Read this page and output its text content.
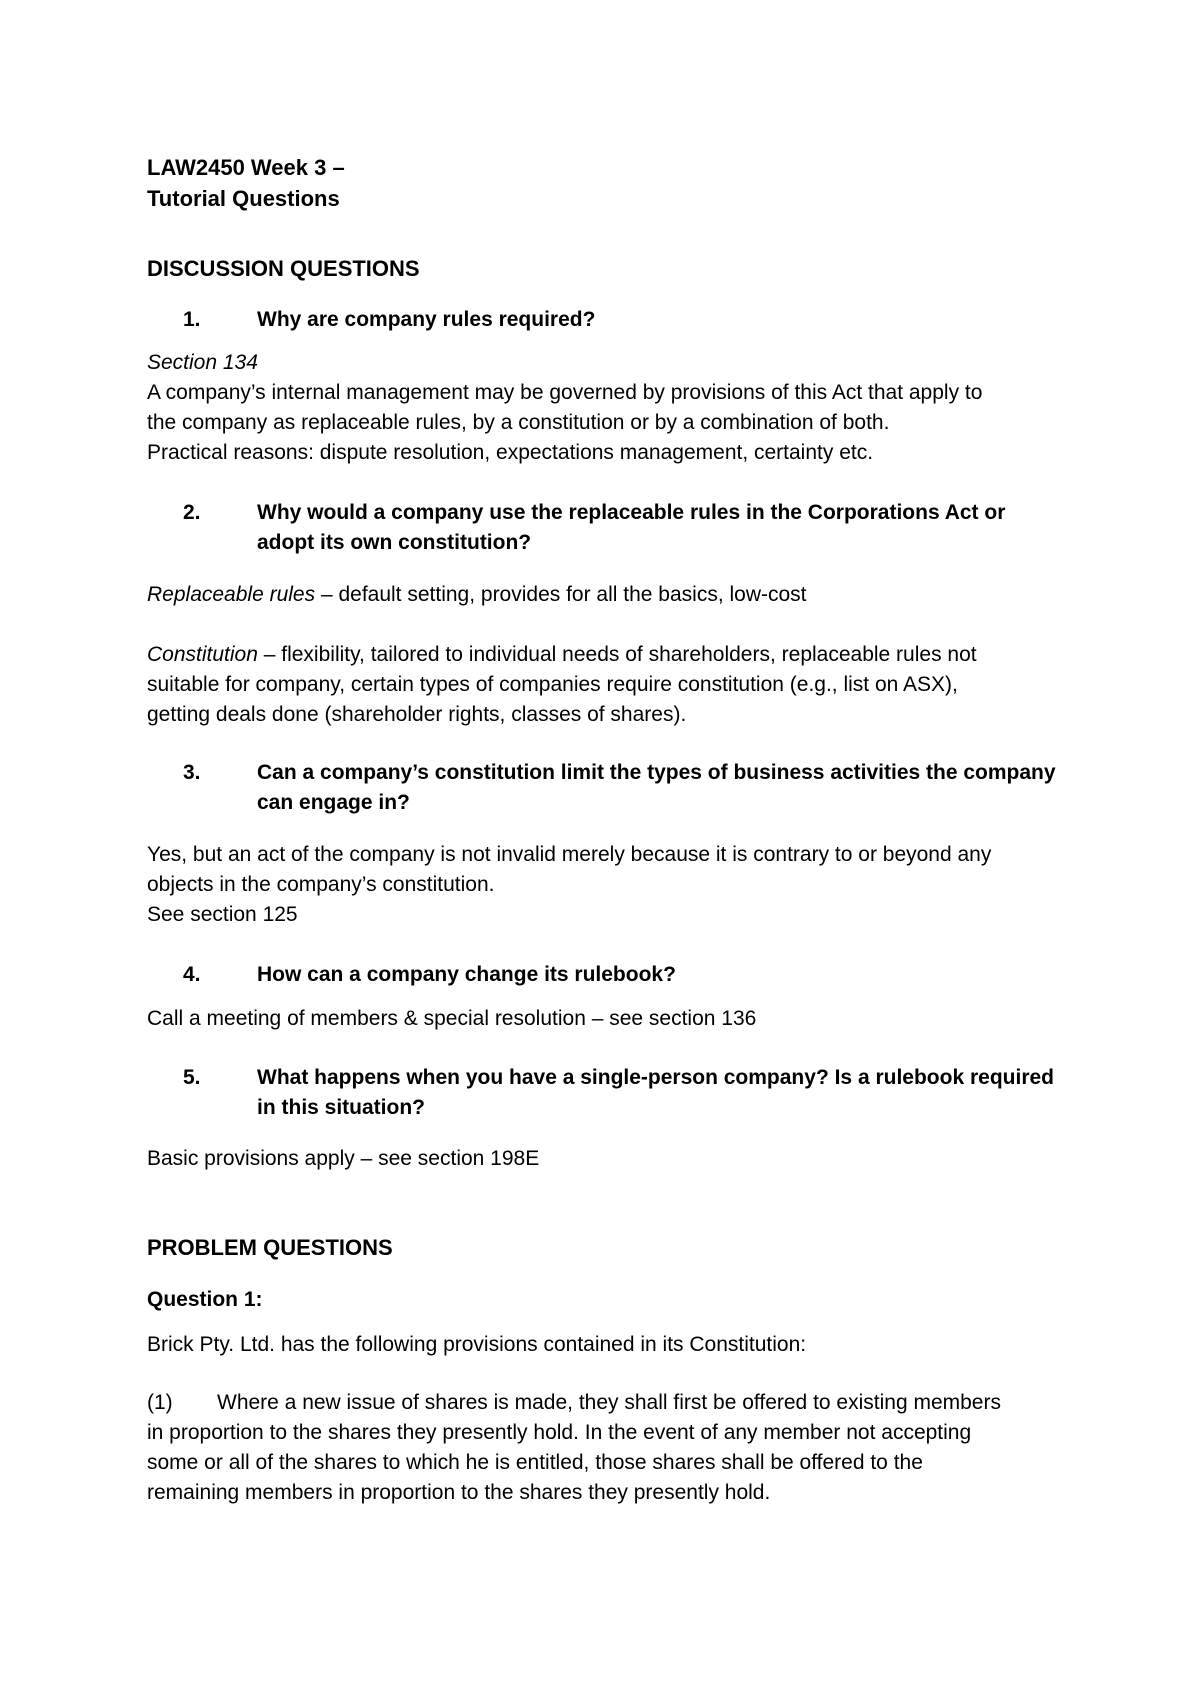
LAW2450 Week 3 –
Tutorial Questions
DISCUSSION QUESTIONS
1.	Why are company rules required?
Section 134
A company’s internal management may be governed by provisions of this Act that apply to
the company as replaceable rules, by a constitution or by a combination of both.
Practical reasons: dispute resolution, expectations management, certainty etc.
2.	Why would a company use the replaceable rules in the Corporations Act or
adopt its own constitution?
Replaceable rules – default setting, provides for all the basics, low-cost
Constitution – flexibility, tailored to individual needs of shareholders, replaceable rules not
suitable for company, certain types of companies require constitution (e.g., list on ASX),
getting deals done (shareholder rights, classes of shares).
3.	Can a company’s constitution limit the types of business activities the company
can engage in?
Yes, but an act of the company is not invalid merely because it is contrary to or beyond any
objects in the company’s constitution.
See section 125
4.	How can a company change its rulebook?
Call a meeting of members & special resolution – see section 136
5.	What happens when you have a single-person company? Is a rulebook required
in this situation?
Basic provisions apply – see section 198E
PROBLEM QUESTIONS
Question 1:
Brick Pty. Ltd. has the following provisions contained in its Constitution:
(1) Where a new issue of shares is made, they shall first be offered to existing members
in proportion to the shares they presently hold. In the event of any member not accepting
some or all of the shares to which he is entitled, those shares shall be offered to the
remaining members in proportion to the shares they presently hold.
